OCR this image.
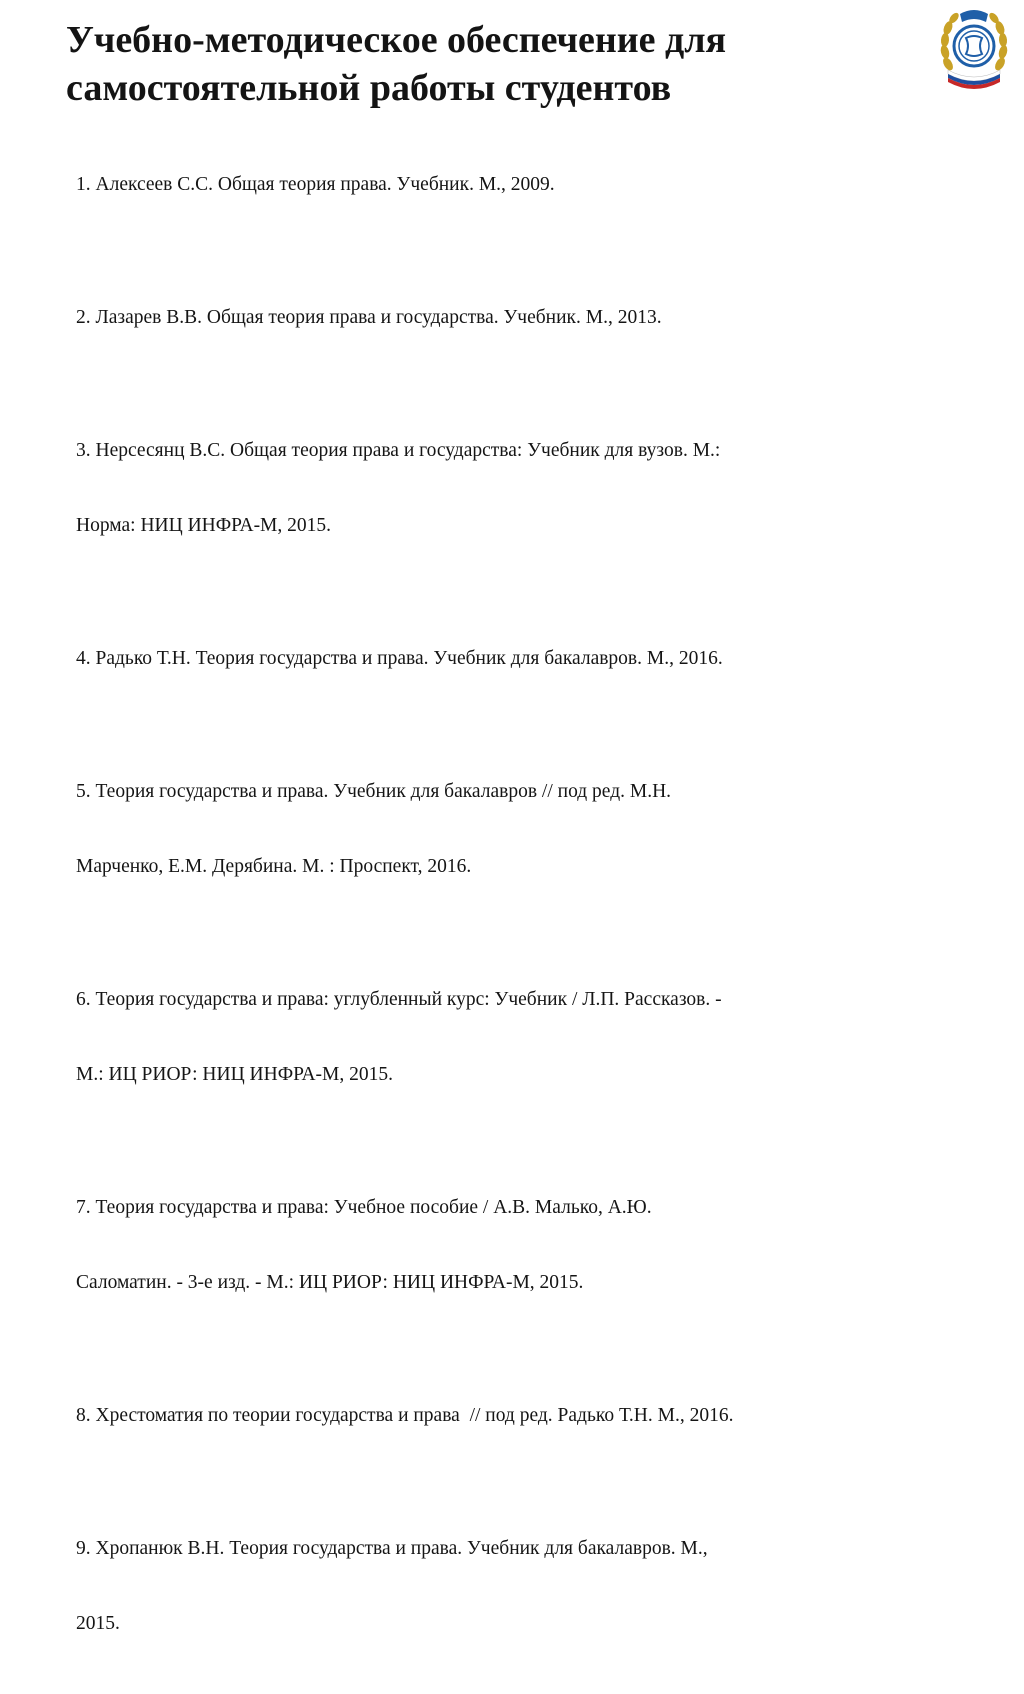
Учебно-методическое обеспечение для
самостоятельной работы студентов

1. Алексеев С.С. Общая теория права. Учебник. М., 2009.

2. Лазарев В.В. Общая теория права и государства. Учебник. М., 2013.

3. Нерсесянц В.С. Общая теория права и государства: Учебник для вузов. М.:

Норма: НИЦ ИНФРА-М, 2015.

4. Радько Т.Н. Теория государства и права. Учебник для бакалавров. М., 2016.

5. Теория государства и права. Учебник для бакалавров // под ред. М.Н.

Марченко, Е.М. Дерябина. М. : Проспект, 2016.

6. Теория государства и права: углубленный курс: Учебник / Л.П. Рассказов. -

М.: ИЦ РИОР: НИЦ ИНФРА-М, 2015.

7. Теория государства и права: Учебное пособие / А.В. Малько, А.Ю.

Саломатин. - 3-е изд. - М.: ИЦ РИОР: НИЦ ИНФРА-М, 2015.

8. Хрестоматия по теории государства и права  // под ред. Радько Т.Н. М., 2016.

9. Хропанюк В.Н. Теория государства и права. Учебник для бакалавров. М.,

2015.
